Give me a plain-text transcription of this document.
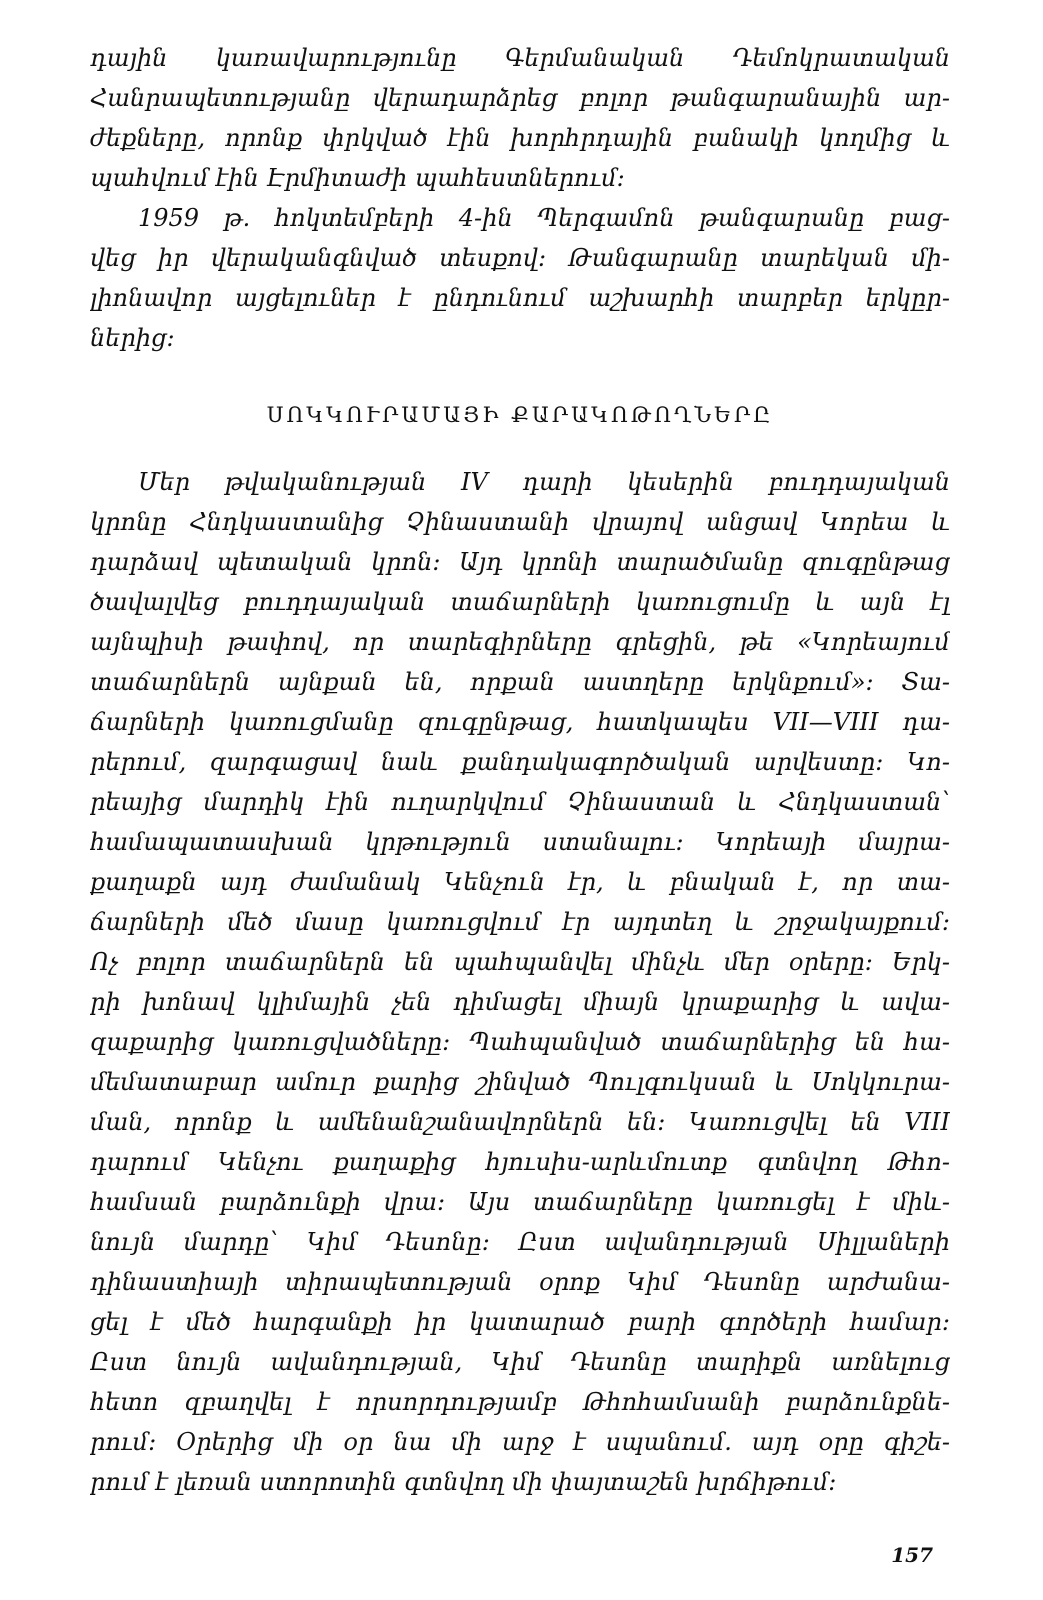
դային կառավարությունը Գերմանական Դեմոկրատական
Հանրապետությանը վերադարձրեց բոլոր թանգարանային ար-
ժեքները, որոնք փրկված էին խորհրդային բանակի կողմից և
պահվում էին Էրմիտաժի պահեստներում։
1959 թ. հոկտեմբերի 4-ին Պերգամոն թանգարանը բաց-
վեց իր վերականգնված տեսքով։ Թանգարանը տարեկան մի-
լիոնավոր այցելուներ է ընդունում աշխարհի տարբեր երկըր-
ներից։
ՍՈԿԿՈՒՐԱՄԱՅԻ ՔԱՐԱԿՈԹՈՂՆԵՐԸ
Մեր թվականության IV դարի կեսերին բուդդայական
կրոնը Հնդկաստանից Չինաստանի վրայով անցավ Կորեա և
դարձավ պետական կրոն։ Այդ կրոնի տարածմանը զուգընթաց
ծավալվեց բուդդայական տաճարների կառուցումը և այն էլ
այնպիսի թափով, որ տարեգիրները գրեցին, թե «Կորեայում
տաճարներն այնքան են, որքան աստղերը երկնքում»։ Տա-
ճարների կառուցմանը զուգընթաց, հատկապես VII—VIII դա-
րերում, զարգացավ նաև քանդակագործական արվեստը։ Կո-
րեայից մարդիկ էին ուղարկվում Չինաստան և Հնդկաստան՝
համապատասխան կրթություն ստանալու։ Կորեայի մայրա-
քաղաքն այդ ժամանակ Կենչուն էր, և բնական է, որ տա-
ճարների մեծ մասը կառուցվում էր այդտեղ և շրջակայքում։
Ոչ բոլոր տաճարներն են պահպանվել մինչև մեր օրերը։ Երկ-
րի խոնավ կլիմային չեն դիմացել միայն կրաքարից և ավա-
զաքարից կառուցվածները։ Պահպանված տաճարներից են հա-
մեմատաբար ամուր քարից շինված Պուլգուկսան և Սոկկուրա-
ման, որոնք և ամենանշանավորներն են։ Կառուցվել են VIII
դարում Կենչու քաղաքից հյուսիս-արևմուտք գտնվող Թհո-
համսան բարձունքի վրա։ Այս տաճարները կառուցել է միև-
նույն մարդը՝ Կիմ Դեսոնը։ Ըստ ավանդության Սիլլաների
դինաստիայի տիրապետության օրոք Կիմ Դեսոնը արժանա-
ցել է մեծ հարգանքի իր կատարած բարի գործերի համար։
Ըստ նույն ավանդության, Կիմ Դեսոնը տարիքն առնելուց
հետո զբաղվել է որսորդությամբ Թհոհամսանի բարձունքնե-
րում։ Օրերից մի օր նա մի արջ է սպանում. այդ օրը գիշե-
րում է լեռան ստորոտին գտնվող մի փայտաշեն խրճիթում։
157
